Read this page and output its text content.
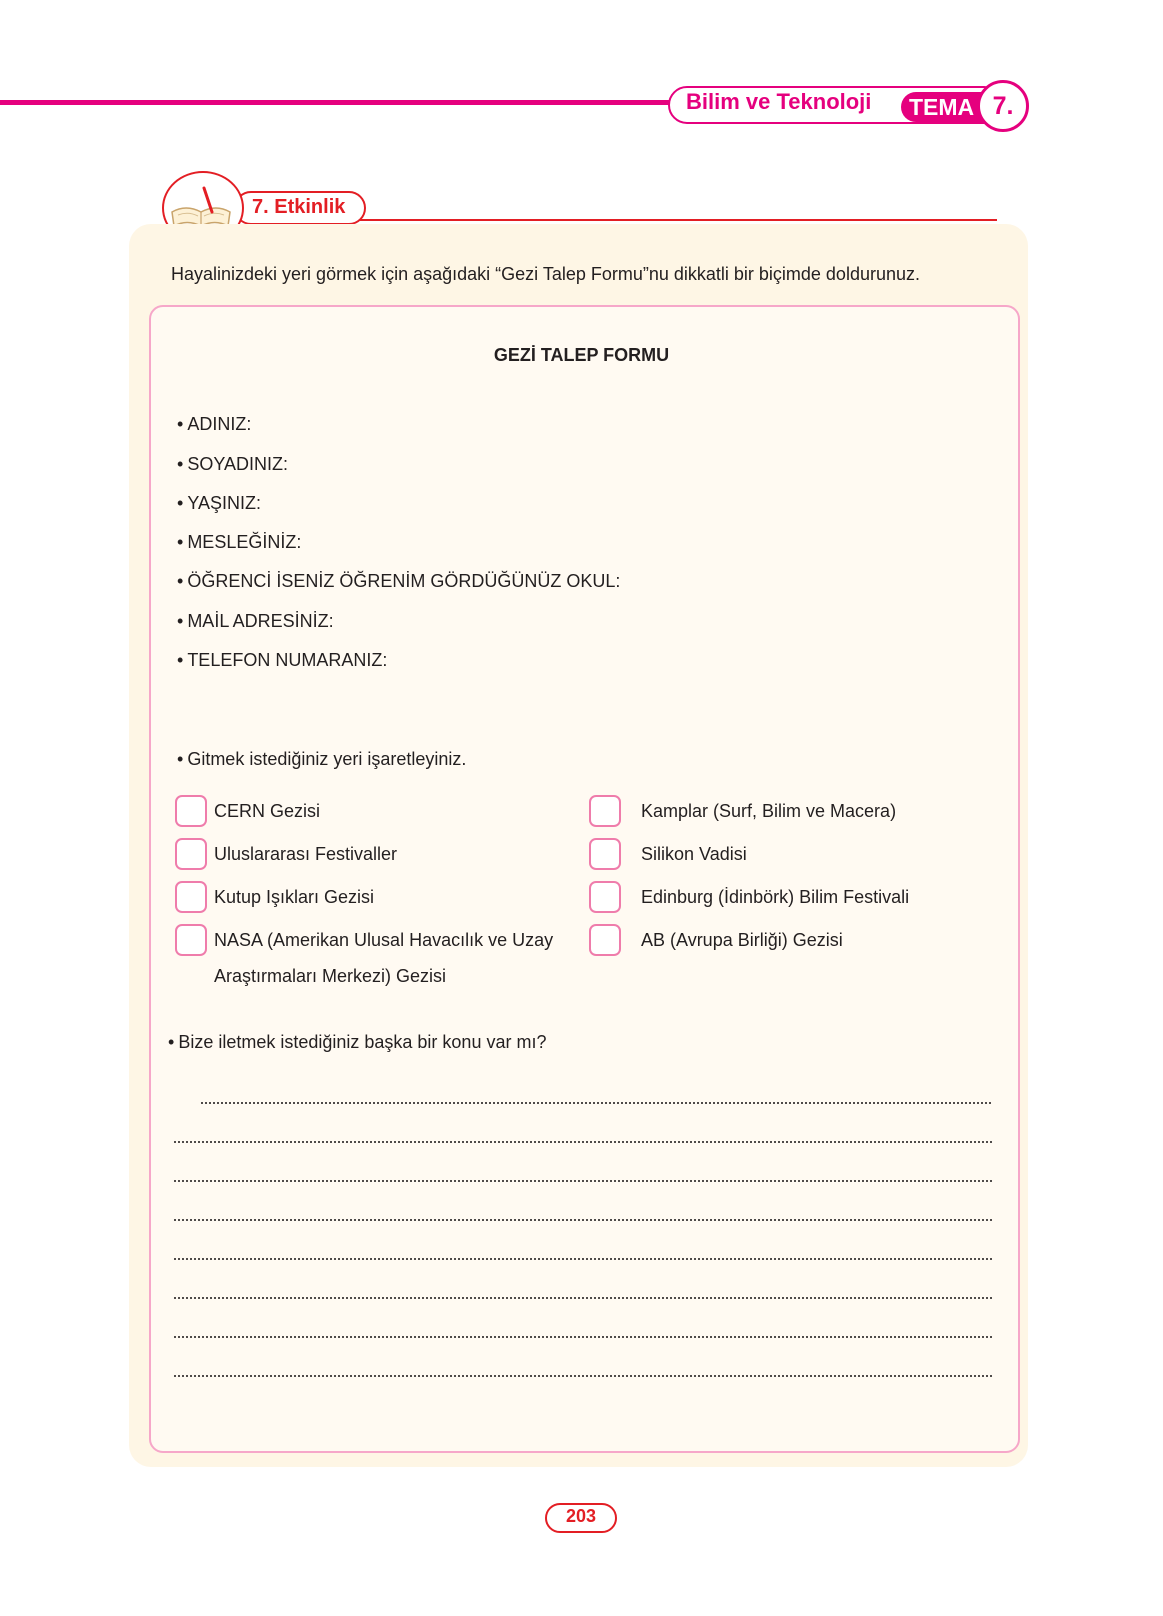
Bilim ve Teknoloji TEMA 7.
7. Etkinlik
Hayalinizdeki yeri görmek için aşağıdaki “Gezi Talep Formu”nu dikkatli bir biçimde doldurunuz.
GEZİ TALEP FORMU
• ADINIZ:
• SOYADINIZ:
• YAŞINIZ:
• MESLEĞİNİZ:
• ÖĞRENCİ İSENİZ ÖĞRENİM GÖRDÜĞÜNÜZ OKUL:
• MAİL ADRESİNİZ:
• TELEFON NUMARANIZ:
• Gitmek istediğiniz yeri işaretleyiniz.
CERN Gezisi
Uluslararası Festivaller
Kutup Işıkları Gezisi
NASA (Amerikan Ulusal Havacılık ve Uzay Araştırmaları Merkezi) Gezisi
Kamplar (Surf, Bilim ve Macera)
Silikon Vadisi
Edinburg (İdinbörk) Bilim Festivali
AB (Avrupa Birliği) Gezisi
• Bize iletmek istediğiniz başka bir konu var mı?
203
